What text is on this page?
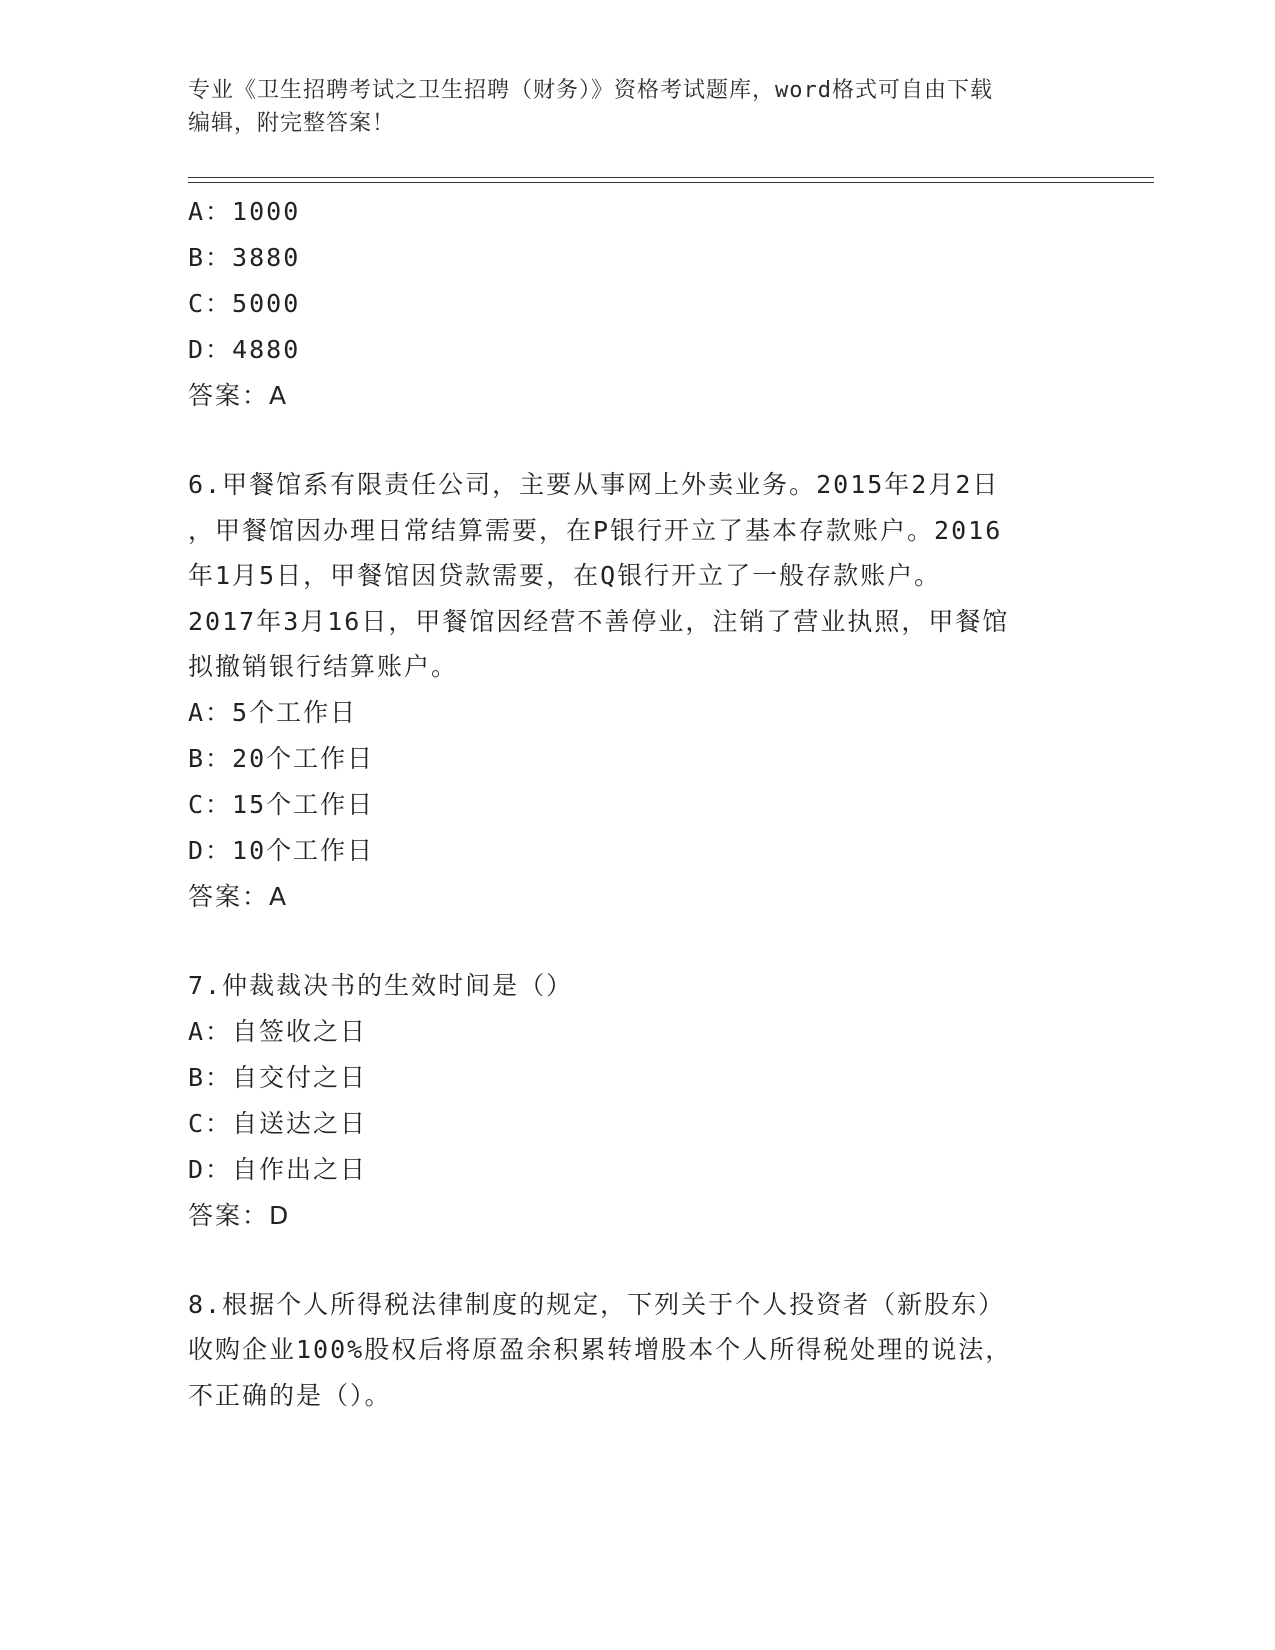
专业《卫生招聘考试之卫生招聘（财务）》资格考试题库，word格式可自由下载
编辑，附完整答案！
A：1000
B：3880
C：5000
D：4880
答案：A
6.甲餐馆系有限责任公司，主要从事网上外卖业务。2015年2月2日
，甲餐馆因办理日常结算需要，在P银行开立了基本存款账户。2016
年1月5日，甲餐馆因贷款需要，在Q银行开立了一般存款账户。
2017年3月16日，甲餐馆因经营不善停业，注销了营业执照，甲餐馆
拟撤销银行结算账户。
A：5个工作日
B：20个工作日
C：15个工作日
D：10个工作日
答案：A
7.仲裁裁决书的生效时间是（）
A：自签收之日
B：自交付之日
C：自送达之日
D：自作出之日
答案：D
8.根据个人所得税法律制度的规定，下列关于个人投资者（新股东）
收购企业100%股权后将原盈余积累转增股本个人所得税处理的说法，
不正确的是（）。
